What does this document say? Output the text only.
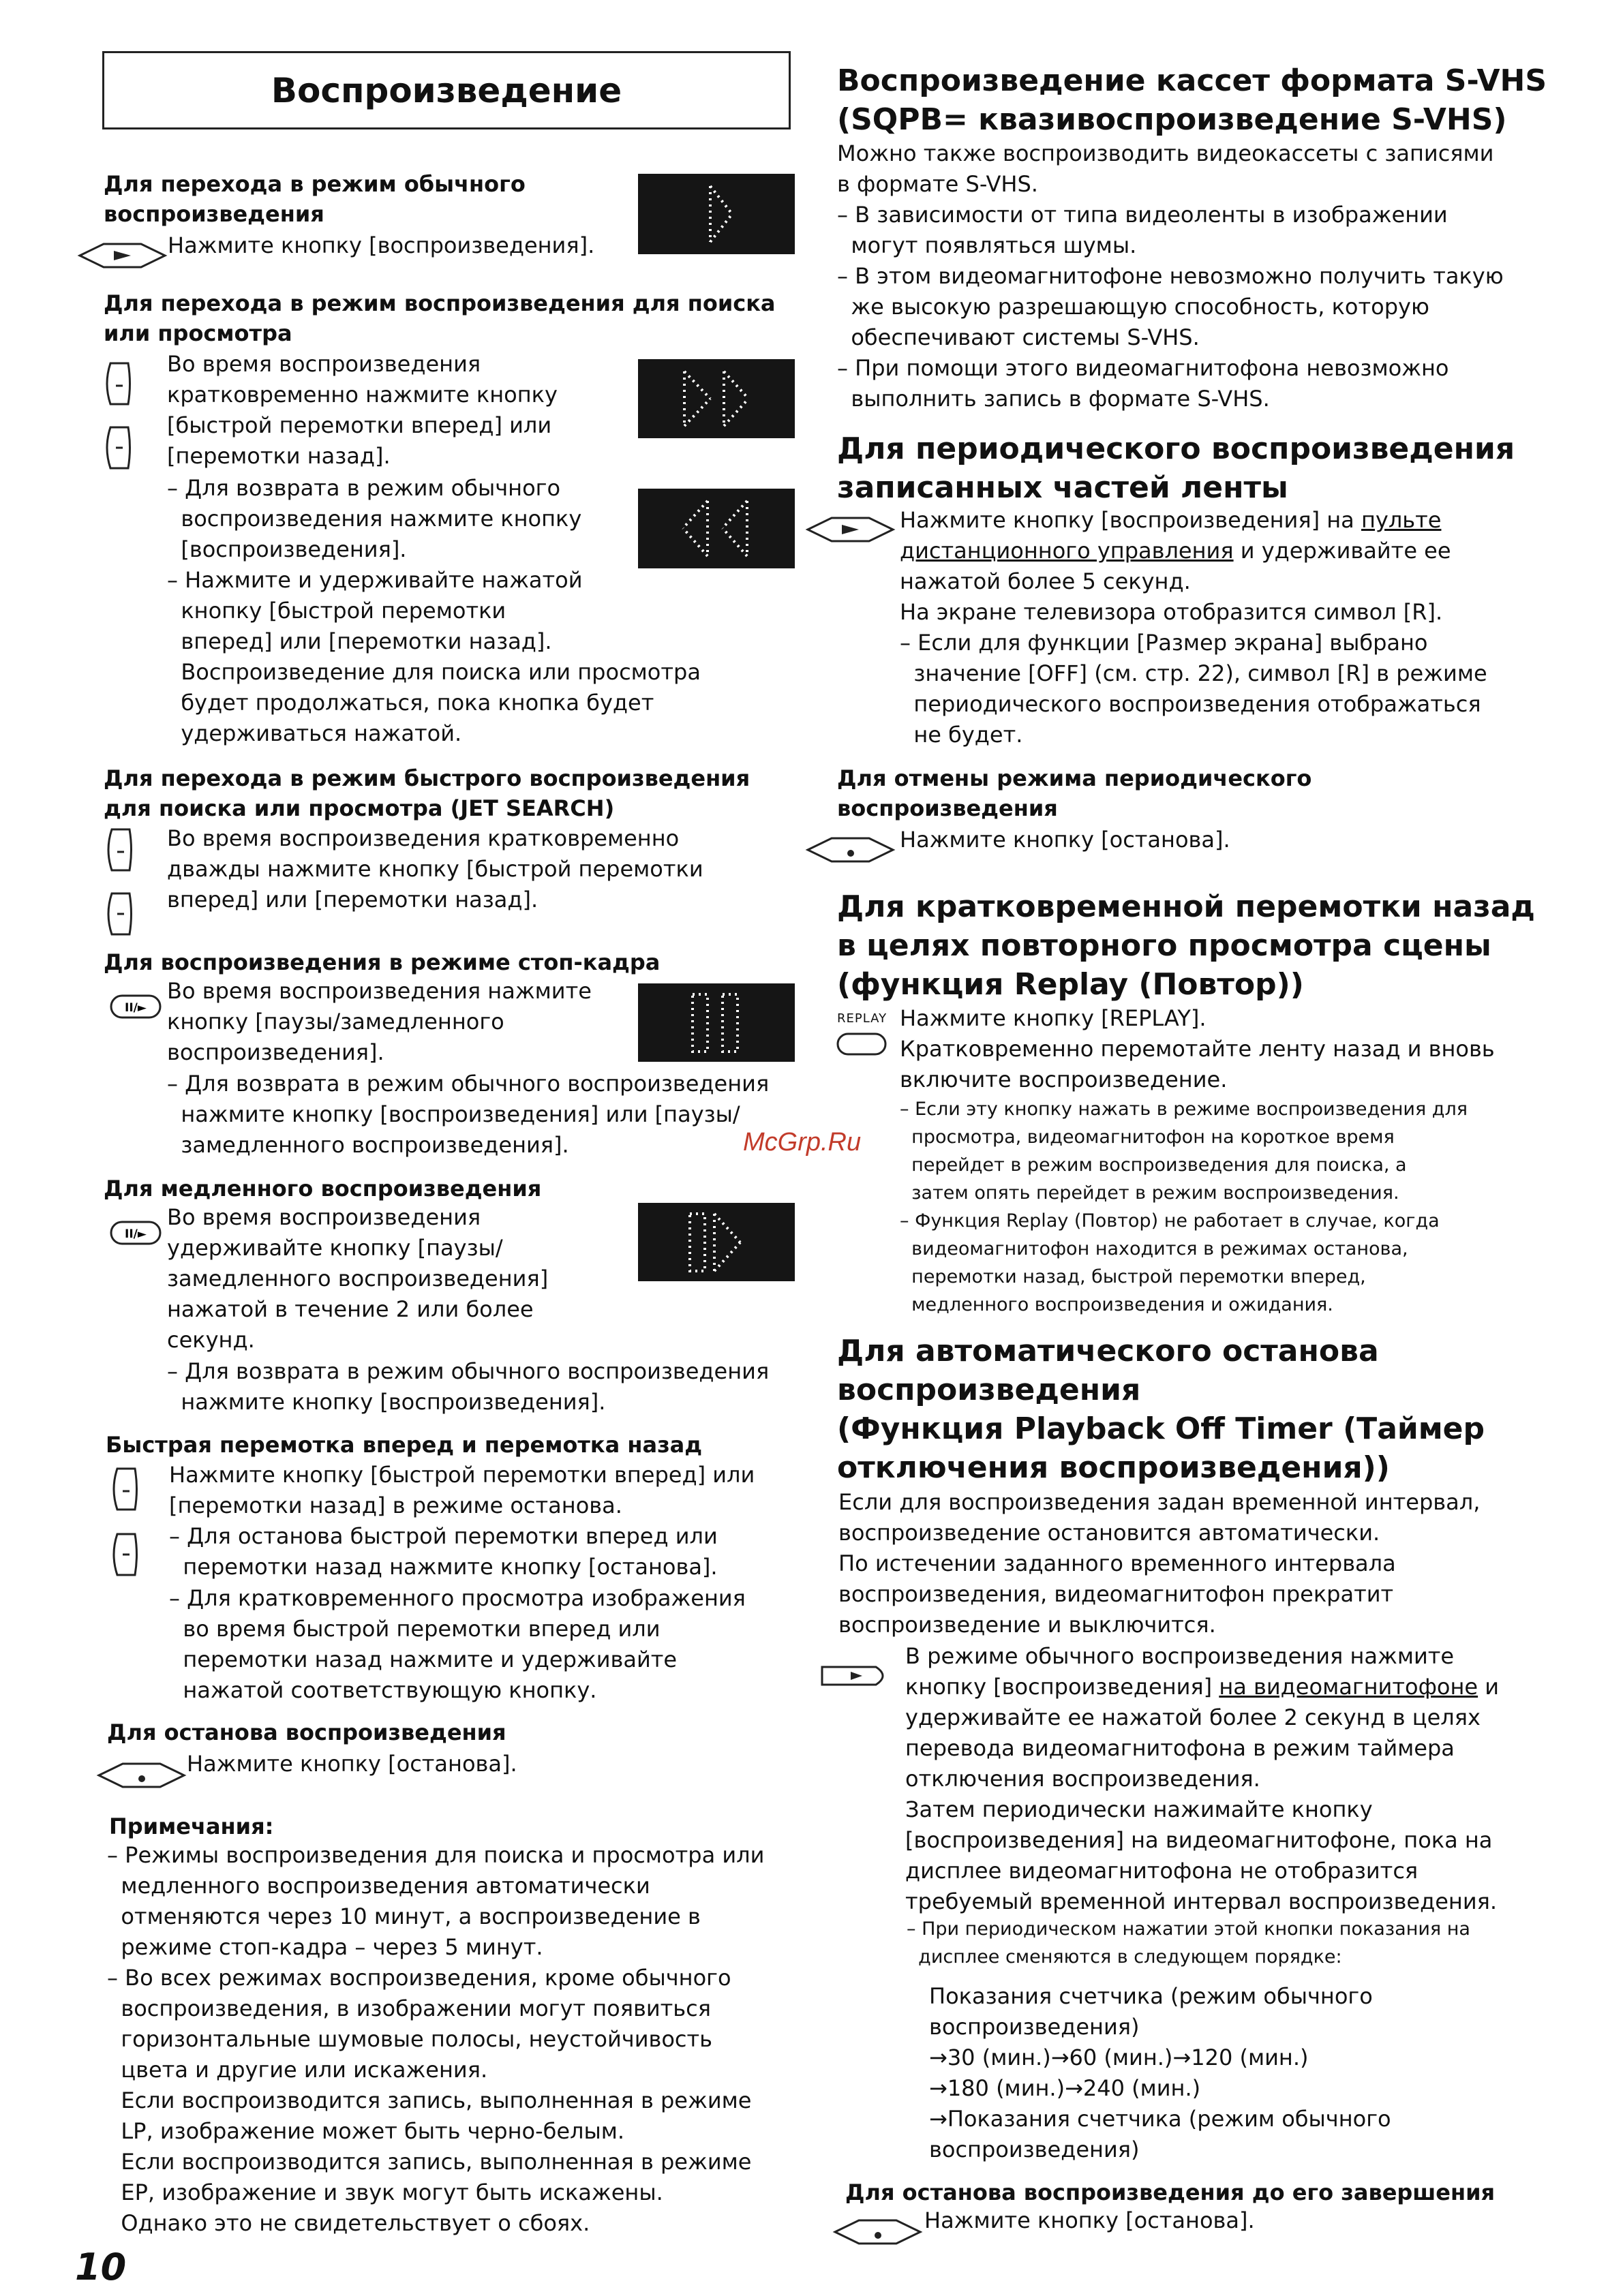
Воспроизведение
Для перехода в режим обычного
воспроизведения
Нажмите кнопку [воспроизведения].
Для перехода в режим воспроизведения для поиска
или просмотра
Во время воспроизведения
кратковременно нажмите кнопку
[быстрой перемотки вперед] или
[перемотки назад].
– Для возврата в режим обычного
воспроизведения нажмите кнопку
[воспроизведения].
– Нажмите и удерживайте нажатой
кнопку [быстрой перемотки
вперед] или [перемотки назад].
Воспроизведение для поиска или просмотра
будет продолжаться, пока кнопка будет
удерживаться нажатой.
Для перехода в режим быстрого воспроизведения
для поиска или просмотра (JET SEARCH)
Во время воспроизведения кратковременно
дважды нажмите кнопку [быстрой перемотки
вперед] или [перемотки назад].
Для воспроизведения в режиме стоп-кадра
II/►
Во время воспроизведения нажмите
кнопку [паузы/замедленного
воспроизведения].
– Для возврата в режим обычного воспроизведения
нажмите кнопку [воспроизведения] или [паузы/
замедленного воспроизведения].
Для медленного воспроизведения
II/►
Во время воспроизведения
удерживайте кнопку [паузы/
замедленного воспроизведения]
нажатой в течение 2 или более
секунд.
– Для возврата в режим обычного воспроизведения
нажмите кнопку [воспроизведения].
Быстрая перемотка вперед и перемотка назад
Нажмите кнопку [быстрой перемотки вперед] или
[перемотки назад] в режиме останова.
– Для останова быстрой перемотки вперед или
перемотки назад нажмите кнопку [останова].
– Для кратковременного просмотра изображения
во время быстрой перемотки вперед или
перемотки назад нажмите и удерживайте
нажатой соответствующую кнопку.
Для останова воспроизведения
Нажмите кнопку [останова].
Примечания:
– Режимы воспроизведения для поиска и просмотра или
медленного воспроизведения автоматически
отменяются через 10 минут, а воспроизведение в
режиме стоп-кадра – через 5 минут.
– Во всех режимах воспроизведения, кроме обычного
воспроизведения, в изображении могут появиться
горизонтальные шумовые полосы, неустойчивость
цвета и другие или искажения.
Если воспроизводится запись, выполненная в режиме
LP, изображение может быть черно-белым.
Если воспроизводится запись, выполненная в режиме
EP, изображение и звук могут быть искажены.
Однако это не свидетельствует о сбоях.
10
Воспроизведение кассет формата S-VHS
(SQPB= квазивоспроизведение S-VHS)
Можно также воспроизводить видеокассеты с записями
в формате S-VHS.
– В зависимости от типа видеоленты в изображении
могут появляться шумы.
– В этом видеомагнитофоне невозможно получить такую
же высокую разрешающую способность, которую
обеспечивают системы S-VHS.
– При помощи этого видеомагнитофона невозможно
выполнить запись в формате S-VHS.
Для периодического воспроизведения
записанных частей ленты
Нажмите кнопку [воспроизведения] на пульте
дистанционного управления и удерживайте ее
нажатой более 5 секунд.
На экране телевизора отобразится символ [R].
– Если для функции [Размер экрана] выбрано
значение [OFF] (см. стр. 22), символ [R] в режиме
периодического воспроизведения отображаться
не будет.
Для отмены режима периодического
воспроизведения
Нажмите кнопку [останова].
Для кратковременной перемотки назад
в целях повторного просмотра сцены
(функция Replay (Повтор))
REPLAY Нажмите кнопку [REPLAY].
Кратковременно перемотайте ленту назад и вновь
включите воспроизведение.
– Если эту кнопку нажать в режиме воспроизведения для
просмотра, видеомагнитофон на короткое время
перейдет в режим воспроизведения для поиска, а
затем опять перейдет в режим воспроизведения.
– Функция Replay (Повтор) не работает в случае, когда
видеомагнитофон находится в режимах останова,
перемотки назад, быстрой перемотки вперед,
медленного воспроизведения и ожидания.
Для автоматического останова
воспроизведения
(Функция Playback Off Timer (Таймер
отключения воспроизведения))
Если для воспроизведения задан временной интервал,
воспроизведение остановится автоматически.
По истечении заданного временного интервала
воспроизведения, видеомагнитофон прекратит
воспроизведение и выключится.
В режиме обычного воспроизведения нажмите
кнопку [воспроизведения] на видеомагнитофоне и
удерживайте ее нажатой более 2 секунд в целях
перевода видеомагнитофона в режим таймера
отключения воспроизведения.
Затем периодически нажимайте кнопку
[воспроизведения] на видеомагнитофоне, пока на
дисплее видеомагнитофона не отобразится
требуемый временной интервал воспроизведения.
– При периодическом нажатии этой кнопки показания на
дисплее сменяются в следующем порядке:
Показания счетчика (режим обычного
воспроизведения)
→30 (мин.)→60 (мин.)→120 (мин.)
→180 (мин.)→240 (мин.)
→Показания счетчика (режим обычного
воспроизведения)
Для останова воспроизведения до его завершения
Нажмите кнопку [останова].
McGrp.Ru
